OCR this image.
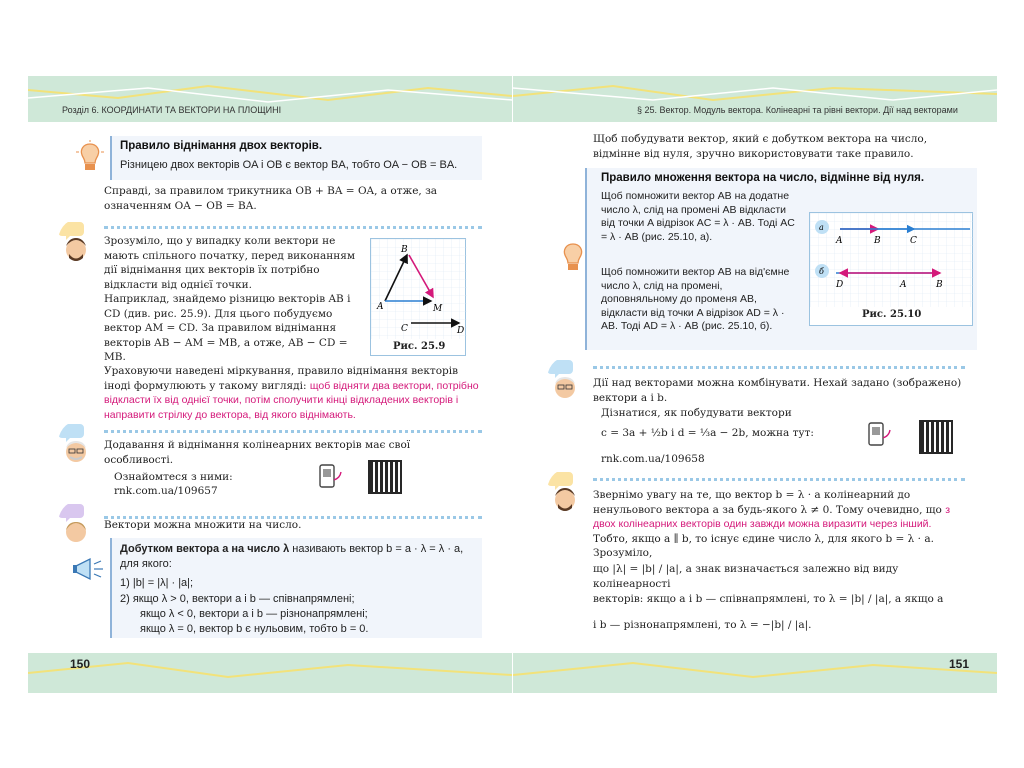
Розділ 6. КООРДИНАТИ ТА ВЕКТОРИ НА ПЛОЩИНІ
Правило віднімання двох векторів.
Різницею двох векторів OA і OB є вектор BA, тобто OA − OB = BA.
Справді, за правилом трикутника OB + BA = OA, а отже, за означенням OA − OB = BA.
Зрозуміло, що у випадку коли вектори не мають спільного початку, перед виконанням дії віднімання цих векторів їх потрібно відкласти від однієї точки.
Наприклад, знайдемо різницю векторів AB і CD (див. рис. 25.9). Для цього побудуємо вектор AM = CD. За правилом віднімання векторів AB − AM = MB, а отже, AB − CD = MB.
B
A	M
C	D
Рис. 25.9
Ураховуючи наведені міркування, правило віднімання векторів іноді формулюють у такому вигляді: щоб відняти два вектори, потрібно відкласти їх від однієї точки, потім сполучити кінці відкладених векторів і направити стрілку до вектора, від якого віднімають.
Додавання й віднімання колінеарних векторів має свої особливості.
Ознайомтеся з ними:
rnk.com.ua/109657
Вектори можна множити на число.
Добутком вектора a на число λ називають вектор b = a · λ = λ · a, для якого:
1) |b| = |λ| · |a|;
2) якщо λ > 0, вектори a і b — співнапрямлені;
якщо λ < 0, вектори a і b — різнонапрямлені;
якщо λ = 0, вектор b є нульовим, тобто b = 0.
150
§ 25. Вектор. Модуль вектора. Колінеарні та рівні вектори. Дії над векторами
Щоб побудувати вектор, який є добутком вектора на число, відмінне від нуля, зручно використовувати таке правило.
Правило множення вектора на число, відмінне від нуля.
Щоб помножити вектор AB на додатне число λ, слід на промені AB відкласти від точки A відрізок AC = λ · AB. Тоді AC = λ · AB (рис. 25.10, а).
Щоб помножити вектор AB на від'ємне число λ, слід на промені, доповняльному до променя AB, відкласти від точки A відрізок AD = λ · AB. Тоді AD = λ · AB (рис. 25.10, б).
а
A	B	C
б
D	A	B
Рис. 25.10
Дії над векторами можна комбінувати. Нехай задано (зображено) вектори a і b.
Дізнатися, як побудувати вектори
c = 3a + ½b і d = ⅓a − 2b, можна тут:
rnk.com.ua/109658
Звернімо увагу на те, що вектор b = λ · a колінеарний до ненульового вектора a за будь-якого λ ≠ 0. Тому очевидно, що з двох колінеарних векторів один завжди можна виразити через інший. Тобто, якщо a ∥ b, то існує єдине число λ, для якого b = λ · a. Зрозуміло,
що |λ| = |b| / |a|, а знак визначається залежно від виду колінеарності
векторів: якщо a і b — співнапрямлені, то λ = |b| / |a|, а якщо a
і b — різнонапрямлені, то λ = −|b| / |a|.
151
